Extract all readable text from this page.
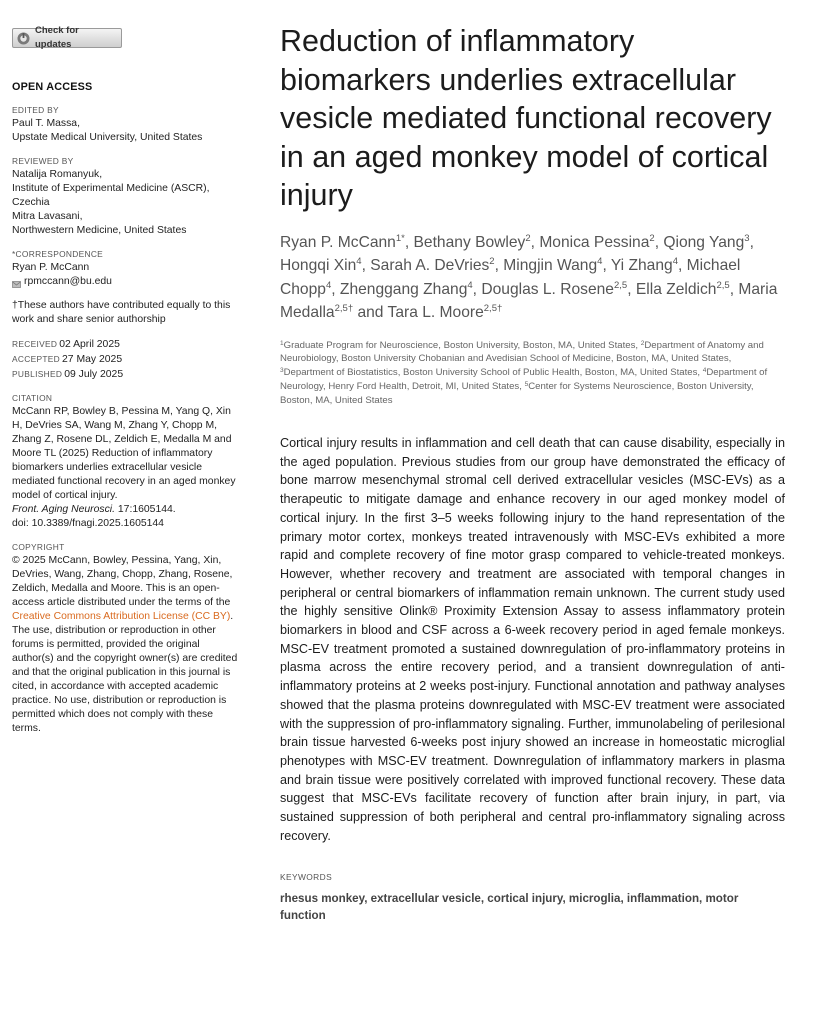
Check for updates
OPEN ACCESS
EDITED BY
Paul T. Massa,
Upstate Medical University, United States
REVIEWED BY
Natalija Romanyuk,
Institute of Experimental Medicine (ASCR),
Czechia
Mitra Lavasani,
Northwestern Medicine, United States
*CORRESPONDENCE
Ryan P. McCann
rpmccann@bu.edu
†These authors have contributed equally to this work and share senior authorship
RECEIVED 02 April 2025
ACCEPTED 27 May 2025
PUBLISHED 09 July 2025
CITATION
McCann RP, Bowley B, Pessina M, Yang Q, Xin H, DeVries SA, Wang M, Zhang Y, Chopp M, Zhang Z, Rosene DL, Zeldich E, Medalla M and Moore TL (2025) Reduction of inflammatory biomarkers underlies extracellular vesicle mediated functional recovery in an aged monkey model of cortical injury.
Front. Aging Neurosci. 17:1605144.
doi: 10.3389/fnagi.2025.1605144
COPYRIGHT
© 2025 McCann, Bowley, Pessina, Yang, Xin, DeVries, Wang, Zhang, Chopp, Zhang, Rosene, Zeldich, Medalla and Moore. This is an open-access article distributed under the terms of the Creative Commons Attribution License (CC BY). The use, distribution or reproduction in other forums is permitted, provided the original author(s) and the copyright owner(s) are credited and that the original publication in this journal is cited, in accordance with accepted academic practice. No use, distribution or reproduction is permitted which does not comply with these terms.
Reduction of inflammatory biomarkers underlies extracellular vesicle mediated functional recovery in an aged monkey model of cortical injury
Ryan P. McCann$^{1*}$, Bethany Bowley$^2$, Monica Pessina$^2$, Qiong Yang$^3$, Hongqi Xin$^4$, Sarah A. DeVries$^2$, Mingjin Wang$^4$, Yi Zhang$^4$, Michael Chopp$^4$, Zhenggang Zhang$^4$, Douglas L. Rosene$^{2,5}$, Ella Zeldich$^{2,5}$, Maria Medalla$^{2,5\dagger}$ and Tara L. Moore$^{2,5\dagger}$
$^1$Graduate Program for Neuroscience, Boston University, Boston, MA, United States, $^2$Department of Anatomy and Neurobiology, Boston University Chobanian and Avedisian School of Medicine, Boston, MA, United States, $^3$Department of Biostatistics, Boston University School of Public Health, Boston, MA, United States, $^4$Department of Neurology, Henry Ford Health, Detroit, MI, United States, $^5$Center for Systems Neuroscience, Boston University, Boston, MA, United States
Cortical injury results in inflammation and cell death that can cause disability, especially in the aged population. Previous studies from our group have demonstrated the efficacy of bone marrow mesenchymal stromal cell derived extracellular vesicles (MSC-EVs) as a therapeutic to mitigate damage and enhance recovery in our aged monkey model of cortical injury. In the first 3–5 weeks following injury to the hand representation of the primary motor cortex, monkeys treated intravenously with MSC-EVs exhibited a more rapid and complete recovery of fine motor grasp compared to vehicle-treated monkeys. However, whether recovery and treatment are associated with temporal changes in peripheral or central biomarkers of inflammation remain unknown. The current study used the highly sensitive Olink® Proximity Extension Assay to assess inflammatory protein biomarkers in blood and CSF across a 6-week recovery period in aged female monkeys. MSC-EV treatment promoted a sustained downregulation of pro-inflammatory proteins in plasma across the entire recovery period, and a transient downregulation of anti-inflammatory proteins at 2 weeks post-injury. Functional annotation and pathway analyses showed that the plasma proteins downregulated with MSC-EV treatment were associated with the suppression of pro-inflammatory signaling. Further, immunolabeling of perilesional brain tissue harvested 6-weeks post injury showed an increase in homeostatic microglial phenotypes with MSC-EV treatment. Downregulation of inflammatory markers in plasma and brain tissue were positively correlated with improved functional recovery. These data suggest that MSC-EVs facilitate recovery of function after brain injury, in part, via sustained suppression of both peripheral and central pro-inflammatory signaling across recovery.
KEYWORDS
rhesus monkey, extracellular vesicle, cortical injury, microglia, inflammation, motor function
